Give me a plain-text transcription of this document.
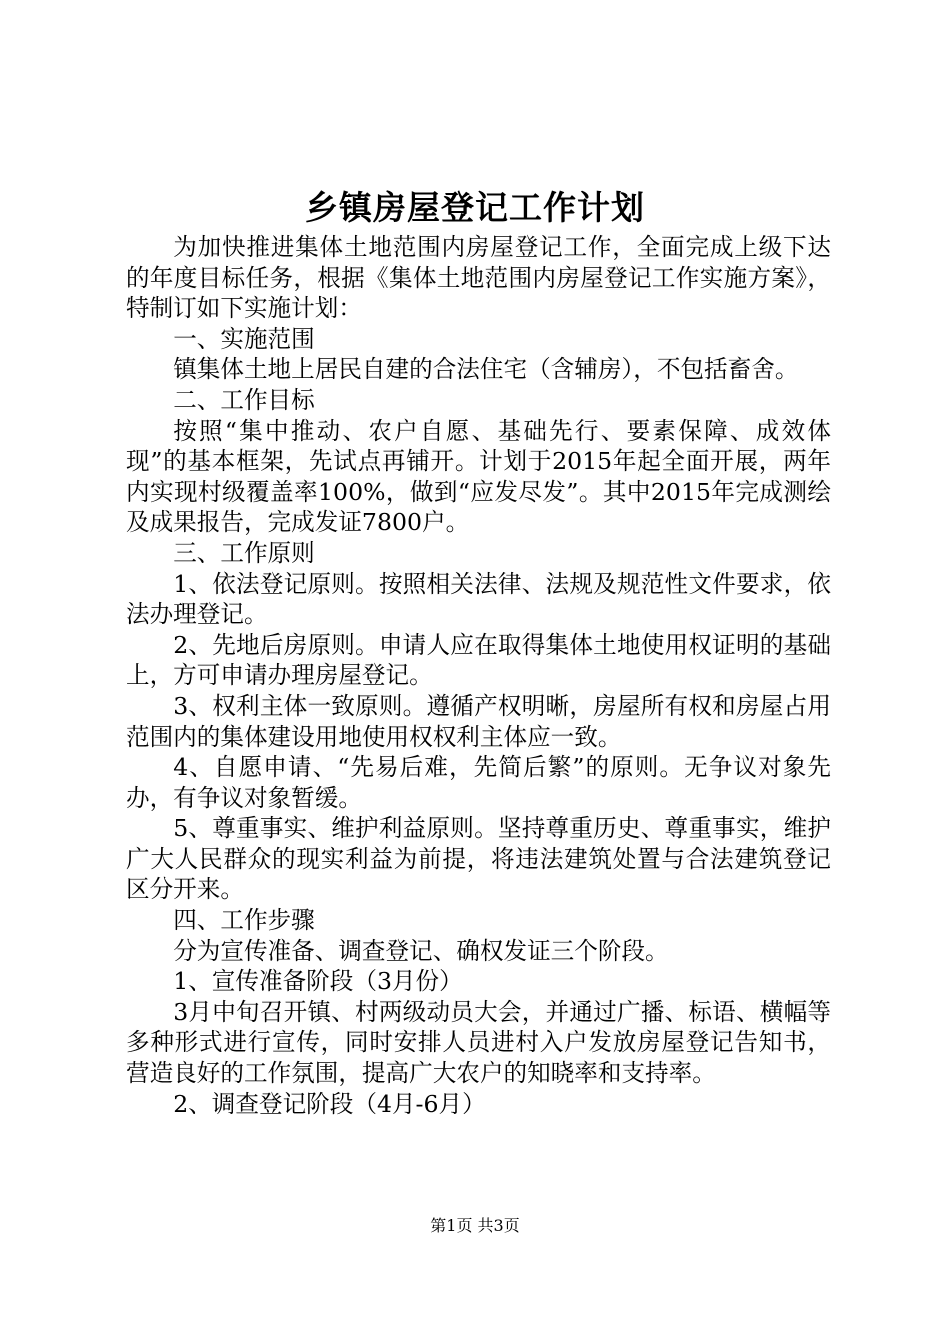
乡镇房屋登记工作计划

为加快推进集体土地范围内房屋登记工作，全面完成上级下达的年度目标任务，根据《集体土地范围内房屋登记工作实施方案》，特制订如下实施计划：

一、实施范围

镇集体土地上居民自建的合法住宅（含辅房），不包括畜舍。

二、工作目标

按照“集中推动、农户自愿、基础先行、要素保障、成效体现”的基本框架，先试点再铺开。计划于2015年起全面开展，两年内实现村级覆盖率100%，做到“应发尽发”。其中2015年完成测绘及成果报告，完成发证7800户。

三、工作原则

1、依法登记原则。按照相关法律、法规及规范性文件要求，依法办理登记。

2、先地后房原则。申请人应在取得集体土地使用权证明的基础上，方可申请办理房屋登记。

3、权利主体一致原则。遵循产权明晰，房屋所有权和房屋占用范围内的集体建设用地使用权权利主体应一致。

4、自愿申请、“先易后难，先简后繁”的原则。无争议对象先办，有争议对象暂缓。

5、尊重事实、维护利益原则。坚持尊重历史、尊重事实，维护广大人民群众的现实利益为前提，将违法建筑处置与合法建筑登记区分开来。

四、工作步骤

分为宣传准备、调查登记、确权发证三个阶段。

1、宣传准备阶段（3月份）

3月中旬召开镇、村两级动员大会，并通过广播、标语、横幅等多种形式进行宣传，同时安排人员进村入户发放房屋登记告知书，营造良好的工作氛围，提高广大农户的知晓率和支持率。

2、调查登记阶段（4月-6月）

第1页 共3页
